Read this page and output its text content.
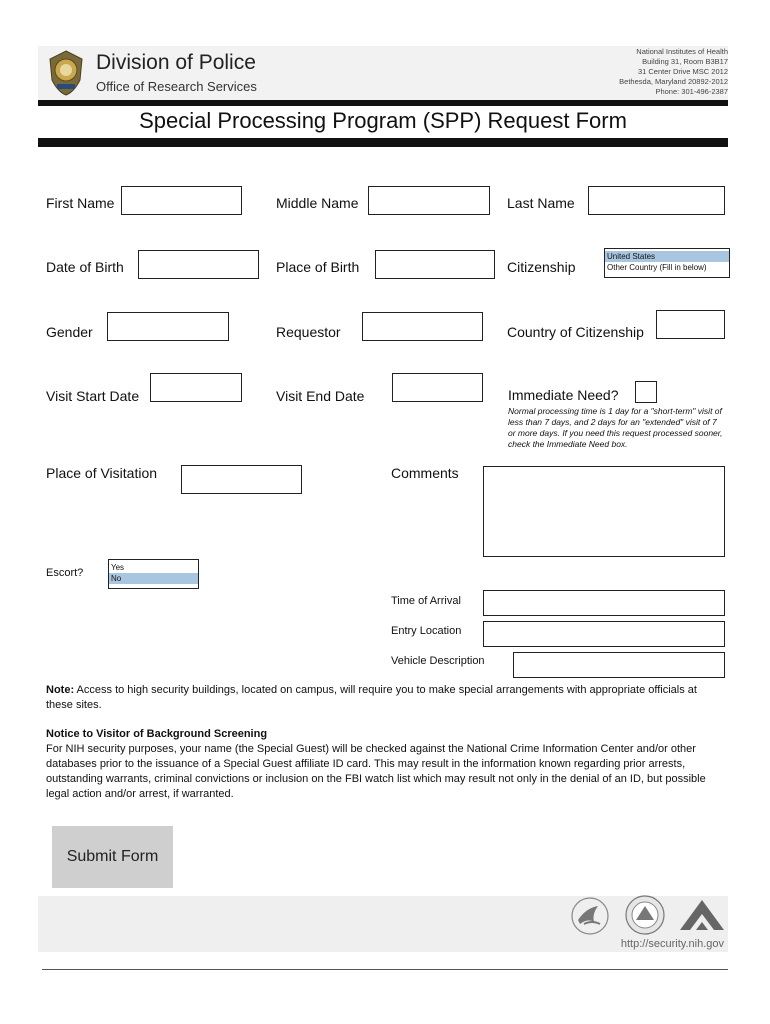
Division of Police
Office of Research Services
National Institutes of Health
Building 31, Room B3B17
31 Center Drive MSC 2012
Bethesda, Maryland 20892-2012
Phone: 301-496-2387
Special Processing Program (SPP) Request Form
First Name	Middle Name	Last Name
Date of Birth	Place of Birth	Citizenship
United States
Other Country (Fill in below)
Gender	Requestor	Country of Citizenship
Visit Start Date	Visit End Date	Immediate Need?
Normal processing time is 1 day for a "short-term" visit of less than 7 days, and 2 days for an "extended" visit of 7 or more days. If you need this request processed sooner, check the Immediate Need box.
Place of Visitation	Comments
Escort?	Yes
No
Time of Arrival
Entry Location
Vehicle Description
Note: Access to high security buildings, located on campus, will require you to make special arrangements with appropriate officials at these sites.
Notice to Visitor of Background Screening
For NIH security purposes, your name (the Special Guest) will be checked against the National Crime Information Center and/or other databases prior to the issuance of a Special Guest affiliate ID card. This may result in the information known regarding prior arrests, outstanding warrants, criminal convictions or inclusion on the FBI watch list which may result not only in the denial of an ID, but possible legal action and/or arrest, if warranted.
Submit Form
http://security.nih.gov
